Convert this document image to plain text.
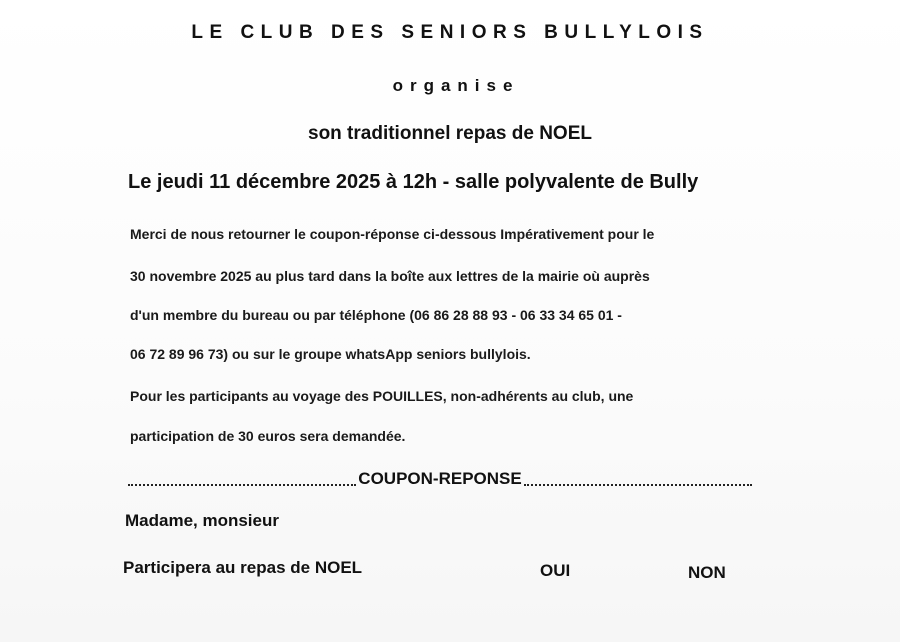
LE CLUB DES SENIORS BULLYLOIS
organise
son traditionnel repas de NOEL
Le jeudi 11 décembre 2025 à 12h - salle polyvalente de Bully
Merci de nous retourner le coupon-réponse ci-dessous Impérativement pour le
30 novembre 2025 au plus tard dans la boîte aux lettres de la mairie où auprès
d'un membre du bureau ou par téléphone (06 86 28 88 93 - 06 33 34 65 01 -
06 72 89 96 73) ou sur le groupe whatsApp seniors bullylois.
Pour les participants au voyage des POUILLES, non-adhérents au club, une
participation de 30 euros sera demandée.
COUPON-REPONSE
Madame, monsieur
Participera au repas de NOEL	OUI	NON
